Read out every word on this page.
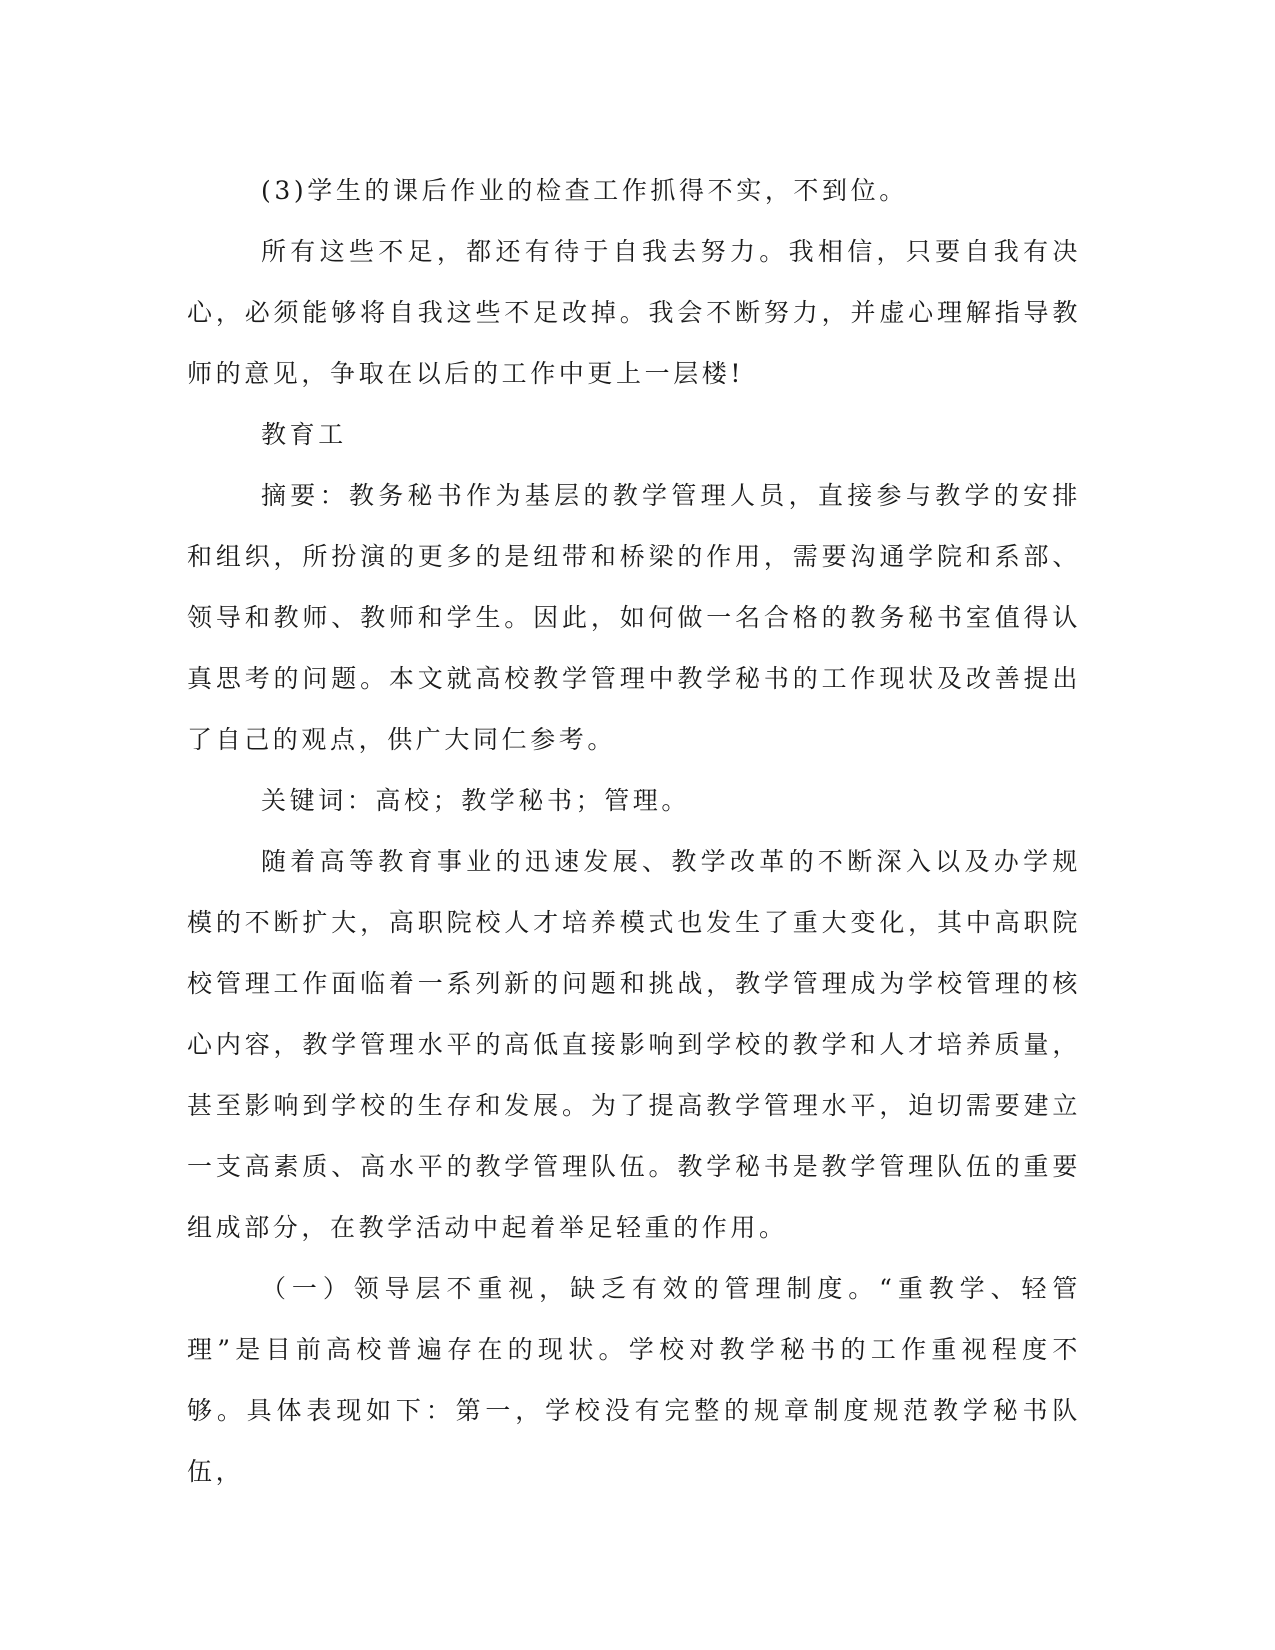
(3)学生的课后作业的检查工作抓得不实，不到位。

所有这些不足，都还有待于自我去努力。我相信，只要自我有决心，必须能够将自我这些不足改掉。我会不断努力，并虚心理解指导教师的意见，争取在以后的工作中更上一层楼!

教育工

摘要：教务秘书作为基层的教学管理人员，直接参与教学的安排和组织，所扮演的更多的是纽带和桥梁的作用，需要沟通学院和系部、领导和教师、教师和学生。因此，如何做一名合格的教务秘书室值得认真思考的问题。本文就高校教学管理中教学秘书的工作现状及改善提出了自己的观点，供广大同仁参考。

关键词：高校；教学秘书；管理。

随着高等教育事业的迅速发展、教学改革的不断深入以及办学规模的不断扩大，高职院校人才培养模式也发生了重大变化，其中高职院校管理工作面临着一系列新的问题和挑战，教学管理成为学校管理的核心内容，教学管理水平的高低直接影响到学校的教学和人才培养质量，甚至影响到学校的生存和发展。为了提高教学管理水平，迫切需要建立一支高素质、高水平的教学管理队伍。教学秘书是教学管理队伍的重要组成部分，在教学活动中起着举足轻重的作用。

（一）领导层不重视，缺乏有效的管理制度。“重教学、轻管理”是目前高校普遍存在的现状。学校对教学秘书的工作重视程度不够。具体表现如下：第一，学校没有完整的规章制度规范教学秘书队伍，
